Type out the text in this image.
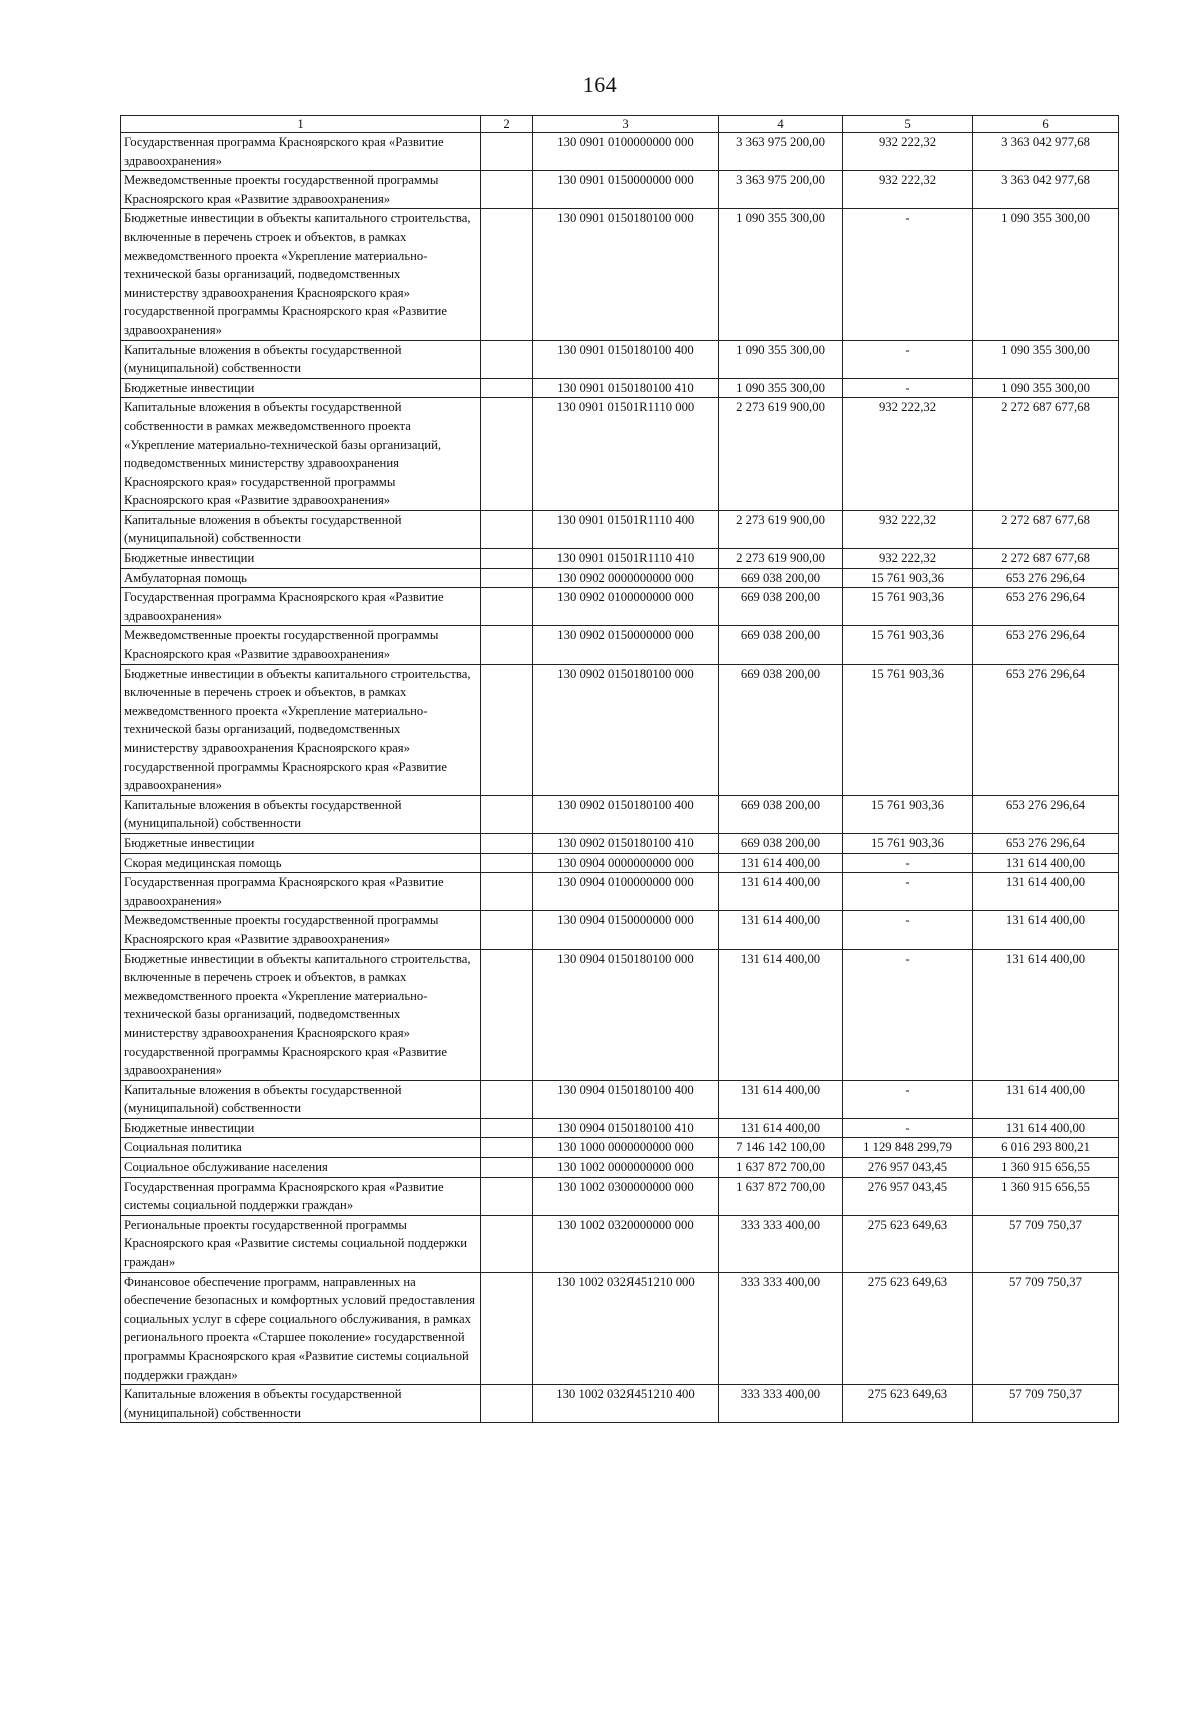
164
1	2	3	4	5	6
Государственная программа Красноярского края «Развитие здравоохранения»		130 0901 0100000000 000	3 363 975 200,00	932 222,32	3 363 042 977,68
Межведомственные проекты государственной программы Красноярского края «Развитие здравоохранения»		130 0901 0150000000 000	3 363 975 200,00	932 222,32	3 363 042 977,68
Бюджетные инвестиции в объекты капитального строительства, включенные в перечень строек и объектов, в рамках межведомственного проекта «Укрепление материально-технической базы организаций, подведомственных министерству здравоохранения Красноярского края» государственной программы Красноярского края «Развитие здравоохранения»		130 0901 0150180100 000	1 090 355 300,00	-	1 090 355 300,00
Капитальные вложения в объекты государственной (муниципальной) собственности		130 0901 0150180100 400	1 090 355 300,00	-	1 090 355 300,00
Бюджетные инвестиции		130 0901 0150180100 410	1 090 355 300,00	-	1 090 355 300,00
Капитальные вложения в объекты государственной собственности в рамках межведомственного проекта «Укрепление материально-технической базы организаций, подведомственных министерству здравоохранения Красноярского края» государственной программы Красноярского края «Развитие здравоохранения»		130 0901 01501R1110 000	2 273 619 900,00	932 222,32	2 272 687 677,68
Капитальные вложения в объекты государственной (муниципальной) собственности		130 0901 01501R1110 400	2 273 619 900,00	932 222,32	2 272 687 677,68
Бюджетные инвестиции		130 0901 01501R1110 410	2 273 619 900,00	932 222,32	2 272 687 677,68
Амбулаторная помощь		130 0902 0000000000 000	669 038 200,00	15 761 903,36	653 276 296,64
Государственная программа Красноярского края «Развитие здравоохранения»		130 0902 0100000000 000	669 038 200,00	15 761 903,36	653 276 296,64
Межведомственные проекты государственной программы Красноярского края «Развитие здравоохранения»		130 0902 0150000000 000	669 038 200,00	15 761 903,36	653 276 296,64
Бюджетные инвестиции в объекты капитального строительства, включенные в перечень строек и объектов, в рамках межведомственного проекта «Укрепление материально-технической базы организаций, подведомственных министерству здравоохранения Красноярского края» государственной программы Красноярского края «Развитие здравоохранения»		130 0902 0150180100 000	669 038 200,00	15 761 903,36	653 276 296,64
Капитальные вложения в объекты государственной (муниципальной) собственности		130 0902 0150180100 400	669 038 200,00	15 761 903,36	653 276 296,64
Бюджетные инвестиции		130 0902 0150180100 410	669 038 200,00	15 761 903,36	653 276 296,64
Скорая медицинская помощь		130 0904 0000000000 000	131 614 400,00	-	131 614 400,00
Государственная программа Красноярского края «Развитие здравоохранения»		130 0904 0100000000 000	131 614 400,00	-	131 614 400,00
Межведомственные проекты государственной программы Красноярского края «Развитие здравоохранения»		130 0904 0150000000 000	131 614 400,00	-	131 614 400,00
Бюджетные инвестиции в объекты капитального строительства, включенные в перечень строек и объектов, в рамках межведомственного проекта «Укрепление материально-технической базы организаций, подведомственных министерству здравоохранения Красноярского края» государственной программы Красноярского края «Развитие здравоохранения»		130 0904 0150180100 000	131 614 400,00	-	131 614 400,00
Капитальные вложения в объекты государственной (муниципальной) собственности		130 0904 0150180100 400	131 614 400,00	-	131 614 400,00
Бюджетные инвестиции		130 0904 0150180100 410	131 614 400,00	-	131 614 400,00
Социальная политика		130 1000 0000000000 000	7 146 142 100,00	1 129 848 299,79	6 016 293 800,21
Социальное обслуживание населения		130 1002 0000000000 000	1 637 872 700,00	276 957 043,45	1 360 915 656,55
Государственная программа Красноярского края «Развитие системы социальной поддержки граждан»		130 1002 0300000000 000	1 637 872 700,00	276 957 043,45	1 360 915 656,55
Региональные проекты государственной программы Красноярского края «Развитие системы социальной поддержки граждан»		130 1002 0320000000 000	333 333 400,00	275 623 649,63	57 709 750,37
Финансовое обеспечение программ, направленных на обеспечение безопасных и комфортных условий предоставления социальных услуг в сфере социального обслуживания, в рамках регионального проекта «Старшее поколение» государственной программы Красноярского края «Развитие системы социальной поддержки граждан»		130 1002 032Я451210 000	333 333 400,00	275 623 649,63	57 709 750,37
Капитальные вложения в объекты государственной (муниципальной) собственности		130 1002 032Я451210 400	333 333 400,00	275 623 649,63	57 709 750,37
